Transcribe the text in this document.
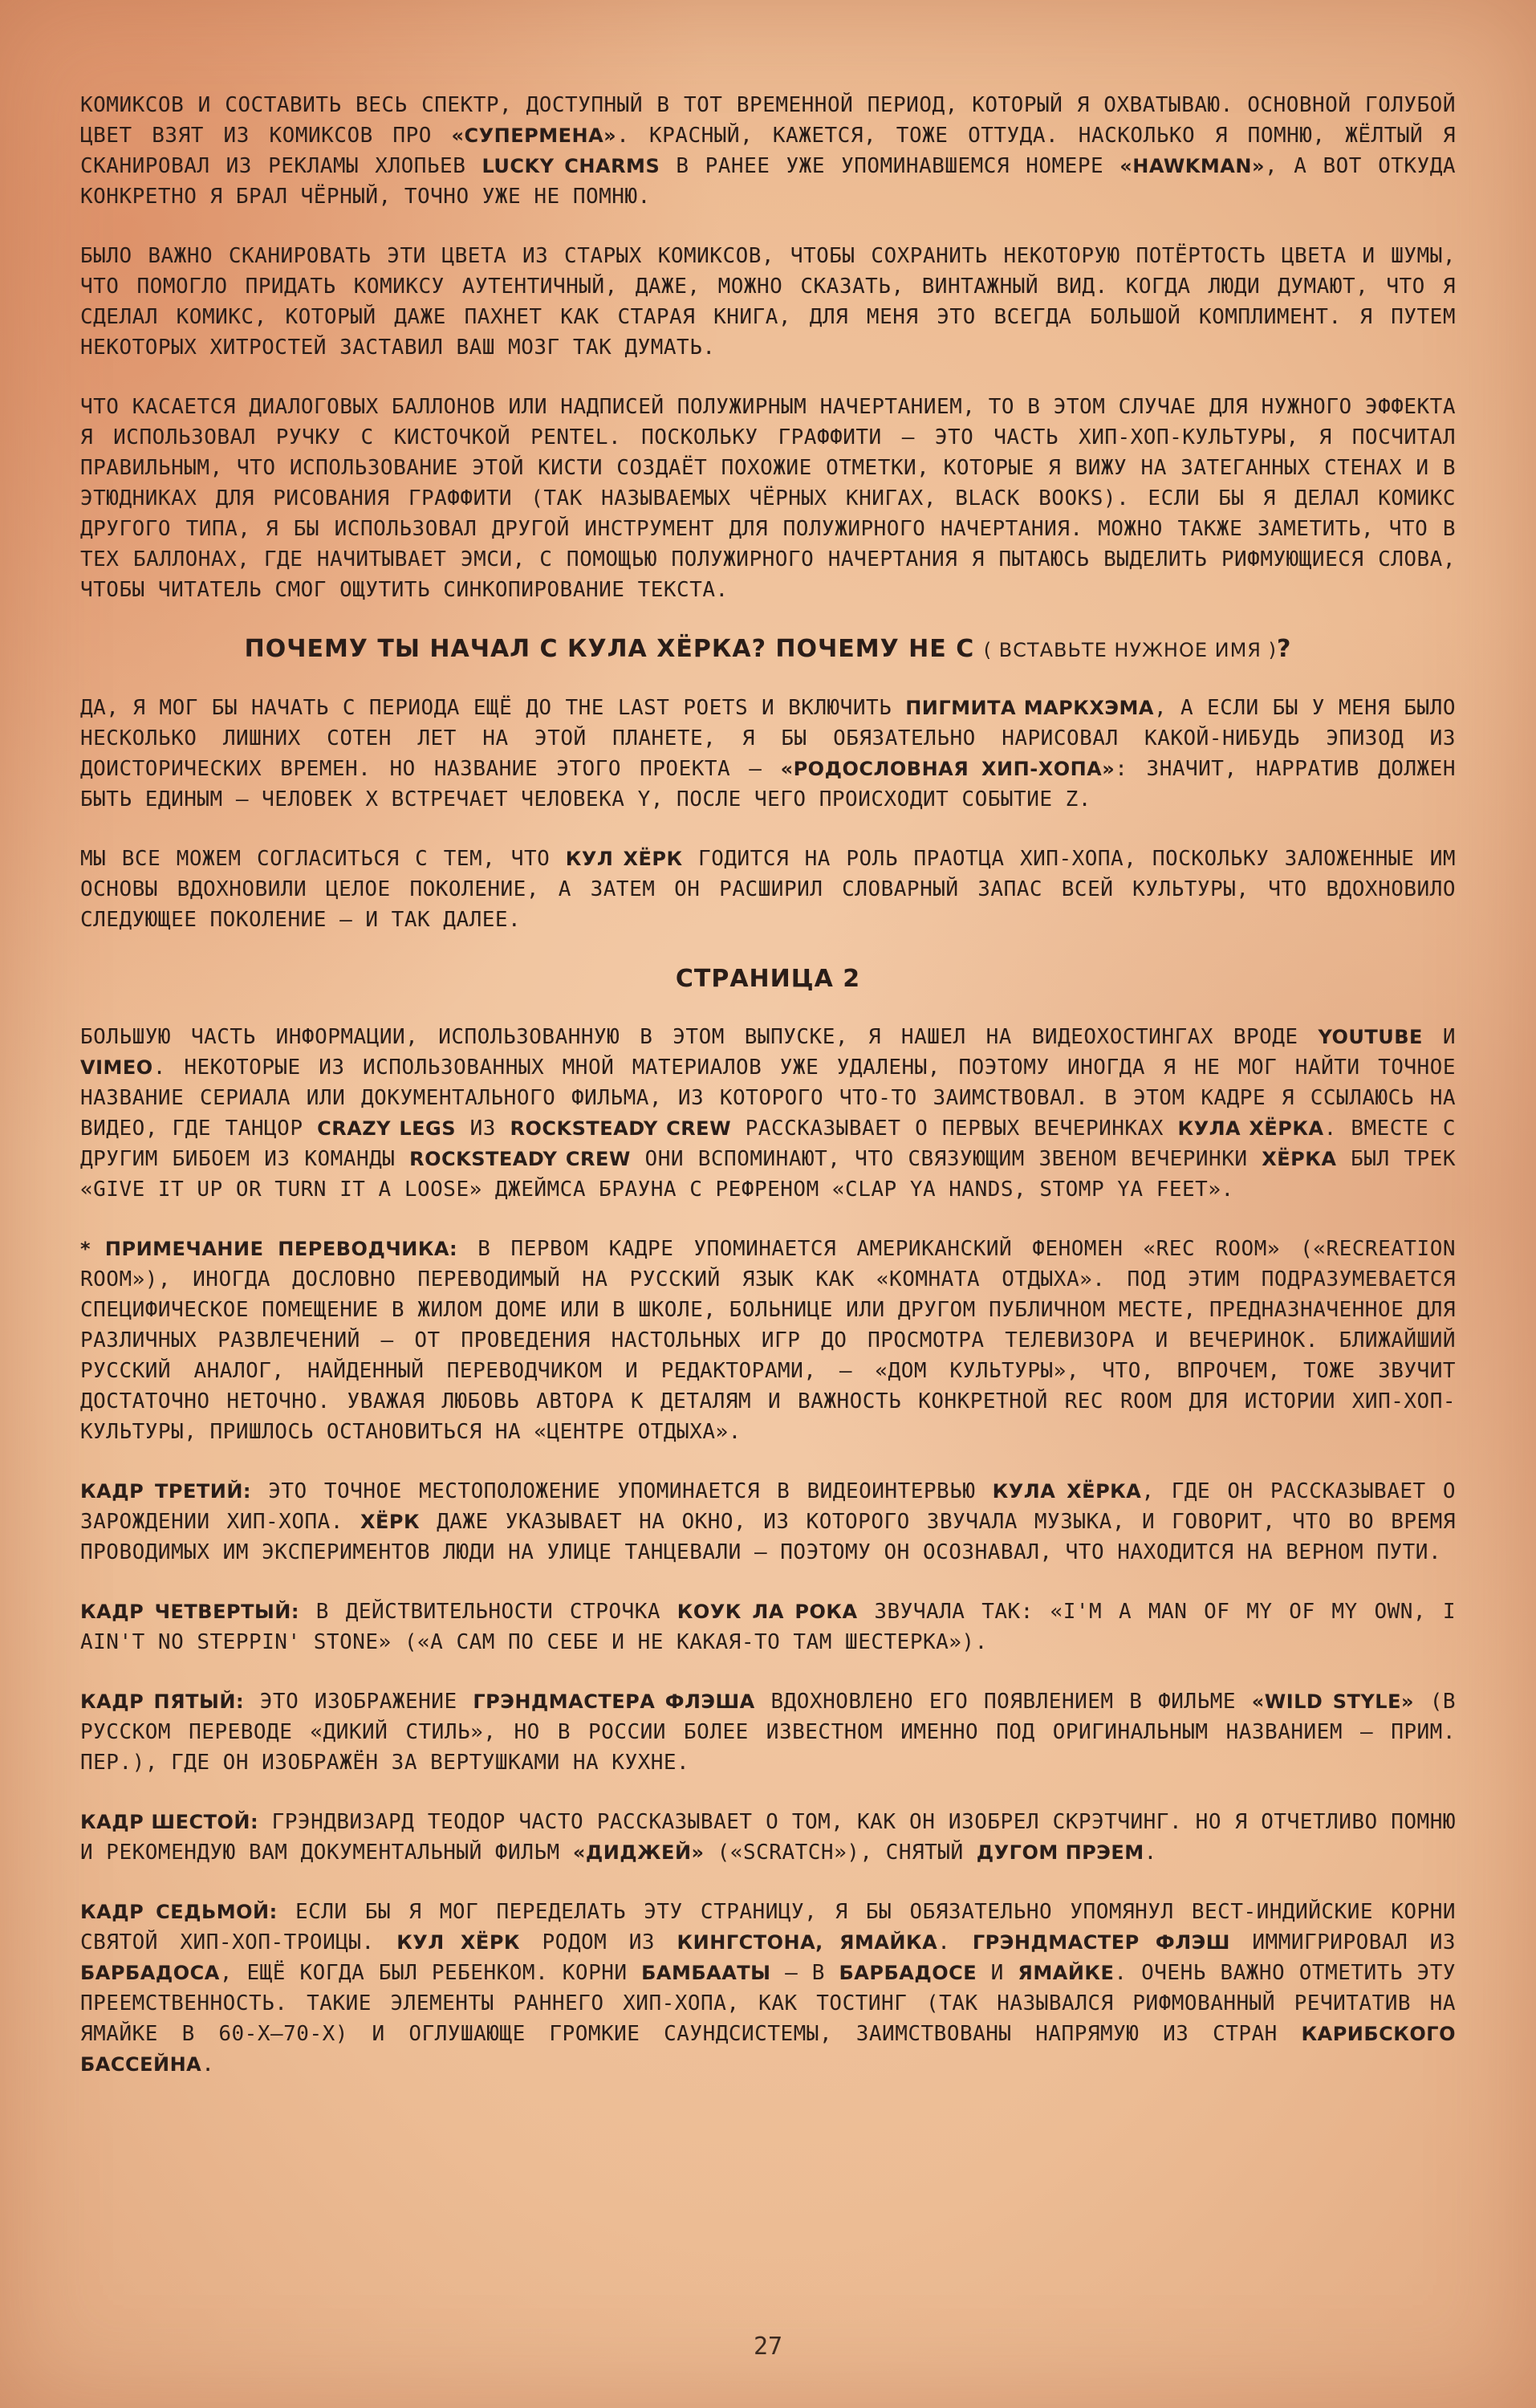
КОМИКСОВ И СОСТАВИТЬ ВЕСЬ СПЕКТР, ДОСТУПНЫЙ В ТОТ ВРЕМЕННОЙ ПЕРИОД, КОТОРЫЙ Я ОХВАТЫВАЮ. ОСНОВНОЙ ГОЛУБОЙ ЦВЕТ ВЗЯТ ИЗ КОМИКСОВ ПРО «СУПЕРМЕНА». КРАСНЫЙ, КАЖЕТСЯ, ТОЖЕ ОТТУДА. НАСКОЛЬКО Я ПОМНЮ, ЖЁЛТЫЙ Я СКАНИРОВАЛ ИЗ РЕКЛАМЫ ХЛОПЬЕВ LUCKY CHARMS В РАНЕЕ УЖЕ УПОМИНАВШЕМСЯ НОМЕРЕ «HAWKMAN», А ВОТ ОТКУДА КОНКРЕТНО Я БРАЛ ЧЁРНЫЙ, ТОЧНО УЖЕ НЕ ПОМНЮ.

БЫЛО ВАЖНО СКАНИРОВАТЬ ЭТИ ЦВЕТА ИЗ СТАРЫХ КОМИКСОВ, ЧТОБЫ СОХРАНИТЬ НЕКОТОРУЮ ПОТЁРТОСТЬ ЦВЕТА И ШУМЫ, ЧТО ПОМОГЛО ПРИДАТЬ КОМИКСУ АУТЕНТИЧНЫЙ, ДАЖЕ, МОЖНО СКАЗАТЬ, ВИНТАЖНЫЙ ВИД. КОГДА ЛЮДИ ДУМАЮТ, ЧТО Я СДЕЛАЛ КОМИКС, КОТОРЫЙ ДАЖЕ ПАХНЕТ КАК СТАРАЯ КНИГА, ДЛЯ МЕНЯ ЭТО ВСЕГДА БОЛЬШОЙ КОМПЛИМЕНТ. Я ПУТЕМ НЕКОТОРЫХ ХИТРОСТЕЙ ЗАСТАВИЛ ВАШ МОЗГ ТАК ДУМАТЬ.

ЧТО КАСАЕТСЯ ДИАЛОГОВЫХ БАЛЛОНОВ ИЛИ НАДПИСЕЙ ПОЛУЖИРНЫМ НАЧЕРТАНИЕМ, ТО В ЭТОМ СЛУЧАЕ ДЛЯ НУЖНОГО ЭФФЕКТА Я ИСПОЛЬЗОВАЛ РУЧКУ С КИСТОЧКОЙ PENTEL. ПОСКОЛЬКУ ГРАФФИТИ — ЭТО ЧАСТЬ ХИП-ХОП-КУЛЬТУРЫ, Я ПОСЧИТАЛ ПРАВИЛЬНЫМ, ЧТО ИСПОЛЬЗОВАНИЕ ЭТОЙ КИСТИ СОЗДАЁТ ПОХОЖИЕ ОТМЕТКИ, КОТОРЫЕ Я ВИЖУ НА ЗАТЕГАННЫХ СТЕНАХ И В ЭТЮДНИКАХ ДЛЯ РИСОВАНИЯ ГРАФФИТИ (ТАК НАЗЫВАЕМЫХ ЧЁРНЫХ КНИГАХ, BLACK BOOKS). ЕСЛИ БЫ Я ДЕЛАЛ КОМИКС ДРУГОГО ТИПА, Я БЫ ИСПОЛЬЗОВАЛ ДРУГОЙ ИНСТРУМЕНТ ДЛЯ ПОЛУЖИРНОГО НАЧЕРТАНИЯ. МОЖНО ТАКЖЕ ЗАМЕТИТЬ, ЧТО В ТЕХ БАЛЛОНАХ, ГДЕ НАЧИТЫВАЕТ ЭМСИ, С ПОМОЩЬЮ ПОЛУЖИРНОГО НАЧЕРТАНИЯ Я ПЫТАЮСЬ ВЫДЕЛИТЬ РИФМУЮЩИЕСЯ СЛОВА, ЧТОБЫ ЧИТАТЕЛЬ СМОГ ОЩУТИТЬ СИНКОПИРОВАНИЕ ТЕКСТА.

ПОЧЕМУ ТЫ НАЧАЛ С КУЛА ХЁРКА? ПОЧЕМУ НЕ С ( ВСТАВЬТЕ НУЖНОЕ ИМЯ )?

ДА, Я МОГ БЫ НАЧАТЬ С ПЕРИОДА ЕЩЁ ДО THE LAST POETS И ВКЛЮЧИТЬ ПИГМИТА МАРКХЭМА, А ЕСЛИ БЫ У МЕНЯ БЫЛО НЕСКОЛЬКО ЛИШНИХ СОТЕН ЛЕТ НА ЭТОЙ ПЛАНЕТЕ, Я БЫ ОБЯЗАТЕЛЬНО НАРИСОВАЛ КАКОЙ-НИБУДЬ ЭПИЗОД ИЗ ДОИСТОРИЧЕСКИХ ВРЕМЕН. НО НАЗВАНИЕ ЭТОГО ПРОЕКТА — «РОДОСЛОВНАЯ ХИП-ХОПА»: ЗНАЧИТ, НАРРАТИВ ДОЛЖЕН БЫТЬ ЕДИНЫМ — ЧЕЛОВЕК X ВСТРЕЧАЕТ ЧЕЛОВЕКА Y, ПОСЛЕ ЧЕГО ПРОИСХОДИТ СОБЫТИЕ Z.

МЫ ВСЕ МОЖЕМ СОГЛАСИТЬСЯ С ТЕМ, ЧТО КУЛ ХЁРК ГОДИТСЯ НА РОЛЬ ПРАОТЦА ХИП-ХОПА, ПОСКОЛЬКУ ЗАЛОЖЕННЫЕ ИМ ОСНОВЫ ВДОХНОВИЛИ ЦЕЛОЕ ПОКОЛЕНИЕ, А ЗАТЕМ ОН РАСШИРИЛ СЛОВАРНЫЙ ЗАПАС ВСЕЙ КУЛЬТУРЫ, ЧТО ВДОХНОВИЛО СЛЕДУЮЩЕЕ ПОКОЛЕНИЕ — И ТАК ДАЛЕЕ.

СТРАНИЦА 2

БОЛЬШУЮ ЧАСТЬ ИНФОРМАЦИИ, ИСПОЛЬЗОВАННУЮ В ЭТОМ ВЫПУСКЕ, Я НАШЕЛ НА ВИДЕОХОСТИНГАХ ВРОДЕ YOUTUBE И VIMEO. НЕКОТОРЫЕ ИЗ ИСПОЛЬЗОВАННЫХ МНОЙ МАТЕРИАЛОВ УЖЕ УДАЛЕНЫ, ПОЭТОМУ ИНОГДА Я НЕ МОГ НАЙТИ ТОЧНОЕ НАЗВАНИЕ СЕРИАЛА ИЛИ ДОКУМЕНТАЛЬНОГО ФИЛЬМА, ИЗ КОТОРОГО ЧТО-ТО ЗАИМСТВОВАЛ. В ЭТОМ КАДРЕ Я ССЫЛАЮСЬ НА ВИДЕО, ГДЕ ТАНЦОР CRAZY LEGS ИЗ ROCKSTEADY CREW РАССКАЗЫВАЕТ О ПЕРВЫХ ВЕЧЕРИНКАХ КУЛА ХЁРКА. ВМЕСТЕ С ДРУГИМ БИБОЕМ ИЗ КОМАНДЫ ROCKSTEADY CREW ОНИ ВСПОМИНАЮТ, ЧТО СВЯЗУЮЩИМ ЗВЕНОМ ВЕЧЕРИНКИ ХЁРКА БЫЛ ТРЕК «GIVE IT UP OR TURN IT A LOOSE» ДЖЕЙМСА БРАУНА С РЕФРЕНОМ «CLAP YA HANDS, STOMP YA FEET».

* ПРИМЕЧАНИЕ ПЕРЕВОДЧИКА: В ПЕРВОМ КАДРЕ УПОМИНАЕТСЯ АМЕРИКАНСКИЙ ФЕНОМЕН «REC ROOM» («RECREATION ROOM»), ИНОГДА ДОСЛОВНО ПЕРЕВОДИМЫЙ НА РУССКИЙ ЯЗЫК КАК «КОМНАТА ОТДЫХА». ПОД ЭТИМ ПОДРАЗУМЕВАЕТСЯ СПЕЦИФИЧЕСКОЕ ПОМЕЩЕНИЕ В ЖИЛОМ ДОМЕ ИЛИ В ШКОЛЕ, БОЛЬНИЦЕ ИЛИ ДРУГОМ ПУБЛИЧНОМ МЕСТЕ, ПРЕДНАЗНАЧЕННОЕ ДЛЯ РАЗЛИЧНЫХ РАЗВЛЕЧЕНИЙ — ОТ ПРОВЕДЕНИЯ НАСТОЛЬНЫХ ИГР ДО ПРОСМОТРА ТЕЛЕВИЗОРА И ВЕЧЕРИНОК. БЛИЖАЙШИЙ РУССКИЙ АНАЛОГ, НАЙДЕННЫЙ ПЕРЕВОДЧИКОМ И РЕДАКТОРАМИ, — «ДОМ КУЛЬТУРЫ», ЧТО, ВПРОЧЕМ, ТОЖЕ ЗВУЧИТ ДОСТАТОЧНО НЕТОЧНО. УВАЖАЯ ЛЮБОВЬ АВТОРА К ДЕТАЛЯМ И ВАЖНОСТЬ КОНКРЕТНОЙ REC ROOM ДЛЯ ИСТОРИИ ХИП-ХОП-КУЛЬТУРЫ, ПРИШЛОСЬ ОСТАНОВИТЬСЯ НА «ЦЕНТРЕ ОТДЫХА».

КАДР ТРЕТИЙ: ЭТО ТОЧНОЕ МЕСТОПОЛОЖЕНИЕ УПОМИНАЕТСЯ В ВИДЕОИНТЕРВЬЮ КУЛА ХЁРКА, ГДЕ ОН РАССКАЗЫВАЕТ О ЗАРОЖДЕНИИ ХИП-ХОПА. ХЁРК ДАЖЕ УКАЗЫВАЕТ НА ОКНО, ИЗ КОТОРОГО ЗВУЧАЛА МУЗЫКА, И ГОВОРИТ, ЧТО ВО ВРЕМЯ ПРОВОДИМЫХ ИМ ЭКСПЕРИМЕНТОВ ЛЮДИ НА УЛИЦЕ ТАНЦЕВАЛИ — ПОЭТОМУ ОН ОСОЗНАВАЛ, ЧТО НАХОДИТСЯ НА ВЕРНОМ ПУТИ.

КАДР ЧЕТВЕРТЫЙ: В ДЕЙСТВИТЕЛЬНОСТИ СТРОЧКА КОУК ЛА РОКА ЗВУЧАЛА ТАК: «I'M A MAN OF MY OF MY OWN, I AIN'T NO STEPPIN' STONE» («А САМ ПО СЕБЕ И НЕ КАКАЯ-ТО ТАМ ШЕСТЕРКА»).

КАДР ПЯТЫЙ: ЭТО ИЗОБРАЖЕНИЕ ГРЭНДМАСТЕРА ФЛЭША ВДОХНОВЛЕНО ЕГО ПОЯВЛЕНИЕМ В ФИЛЬМЕ «WILD STYLE» (В РУССКОМ ПЕРЕВОДЕ «ДИКИЙ СТИЛЬ», НО В РОССИИ БОЛЕЕ ИЗВЕСТНОМ ИМЕННО ПОД ОРИГИНАЛЬНЫМ НАЗВАНИЕМ — ПРИМ. ПЕР.), ГДЕ ОН ИЗОБРАЖЁН ЗА ВЕРТУШКАМИ НА КУХНЕ.

КАДР ШЕСТОЙ: ГРЭНДВИЗАРД ТЕОДОР ЧАСТО РАССКАЗЫВАЕТ О ТОМ, КАК ОН ИЗОБРЕЛ СКРЭТЧИНГ. НО Я ОТЧЕТЛИВО ПОМНЮ И РЕКОМЕНДУЮ ВАМ ДОКУМЕНТАЛЬНЫЙ ФИЛЬМ «ДИДЖЕЙ» («SCRATCH»), СНЯТЫЙ ДУГОМ ПРЭЕМ.

КАДР СЕДЬМОЙ: ЕСЛИ БЫ Я МОГ ПЕРЕДЕЛАТЬ ЭТУ СТРАНИЦУ, Я БЫ ОБЯЗАТЕЛЬНО УПОМЯНУЛ ВЕСТ-ИНДИЙСКИЕ КОРНИ СВЯТОЙ ХИП-ХОП-ТРОИЦЫ. КУЛ ХЁРК РОДОМ ИЗ КИНГСТОНА, ЯМАЙКА. ГРЭНДМАСТЕР ФЛЭШ ИММИГРИРОВАЛ ИЗ БАРБАДОСА, ЕЩЁ КОГДА БЫЛ РЕБЕНКОМ. КОРНИ БАМБААТЫ — В БАРБАДОСЕ И ЯМАЙКЕ. ОЧЕНЬ ВАЖНО ОТМЕТИТЬ ЭТУ ПРЕЕМСТВЕННОСТЬ. ТАКИЕ ЭЛЕМЕНТЫ РАННЕГО ХИП-ХОПА, КАК ТОСТИНГ (ТАК НАЗЫВАЛСЯ РИФМОВАННЫЙ РЕЧИТАТИВ НА ЯМАЙКЕ В 60-Х–70-Х) И ОГЛУШАЮЩЕ ГРОМКИЕ САУНДСИСТЕМЫ, ЗАИМСТВОВАНЫ НАПРЯМУЮ ИЗ СТРАН КАРИБСКОГО БАССЕЙНА.

27
